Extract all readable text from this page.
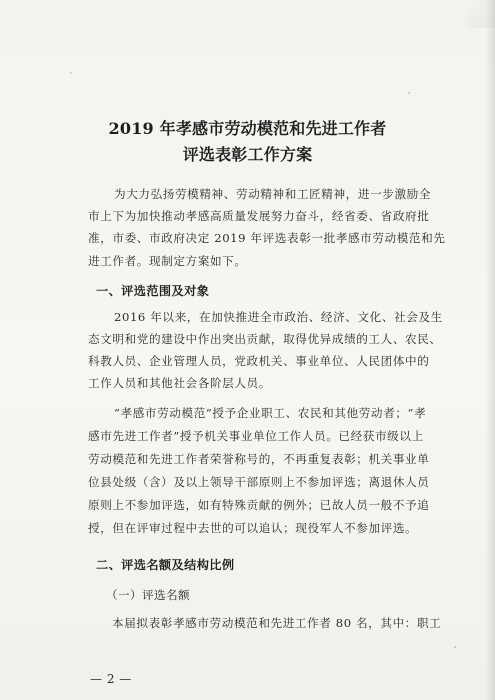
2019 年孝感市劳动模范和先进工作者
评选表彰工作方案
为大力弘扬劳模精神、劳动精神和工匠精神，进一步激励全
市上下为加快推动孝感高质量发展努力奋斗，经省委、省政府批
准，市委、市政府决定 2019 年评选表彰一批孝感市劳动模范和先
进工作者。现制定方案如下。
一、评选范围及对象
2016 年以来，在加快推进全市政治、经济、文化、社会及生
态文明和党的建设中作出突出贡献，取得优异成绩的工人、农民、
科教人员、企业管理人员，党政机关、事业单位、人民团体中的
工作人员和其他社会各阶层人员。
“孝感市劳动模范”授予企业职工、农民和其他劳动者；“孝
感市先进工作者”授予机关事业单位工作人员。已经获市级以上
劳动模范和先进工作者荣誉称号的，不再重复表彰；机关事业单
位县处级（含）及以上领导干部原则上不参加评选；离退休人员
原则上不参加评选，如有特殊贡献的例外；已故人员一般不予追
授，但在评审过程中去世的可以追认；现役军人不参加评选。
二、评选名额及结构比例
（一）评选名额
本届拟表彰孝感市劳动模范和先进工作者 80 名，其中：职工
— 2 —
